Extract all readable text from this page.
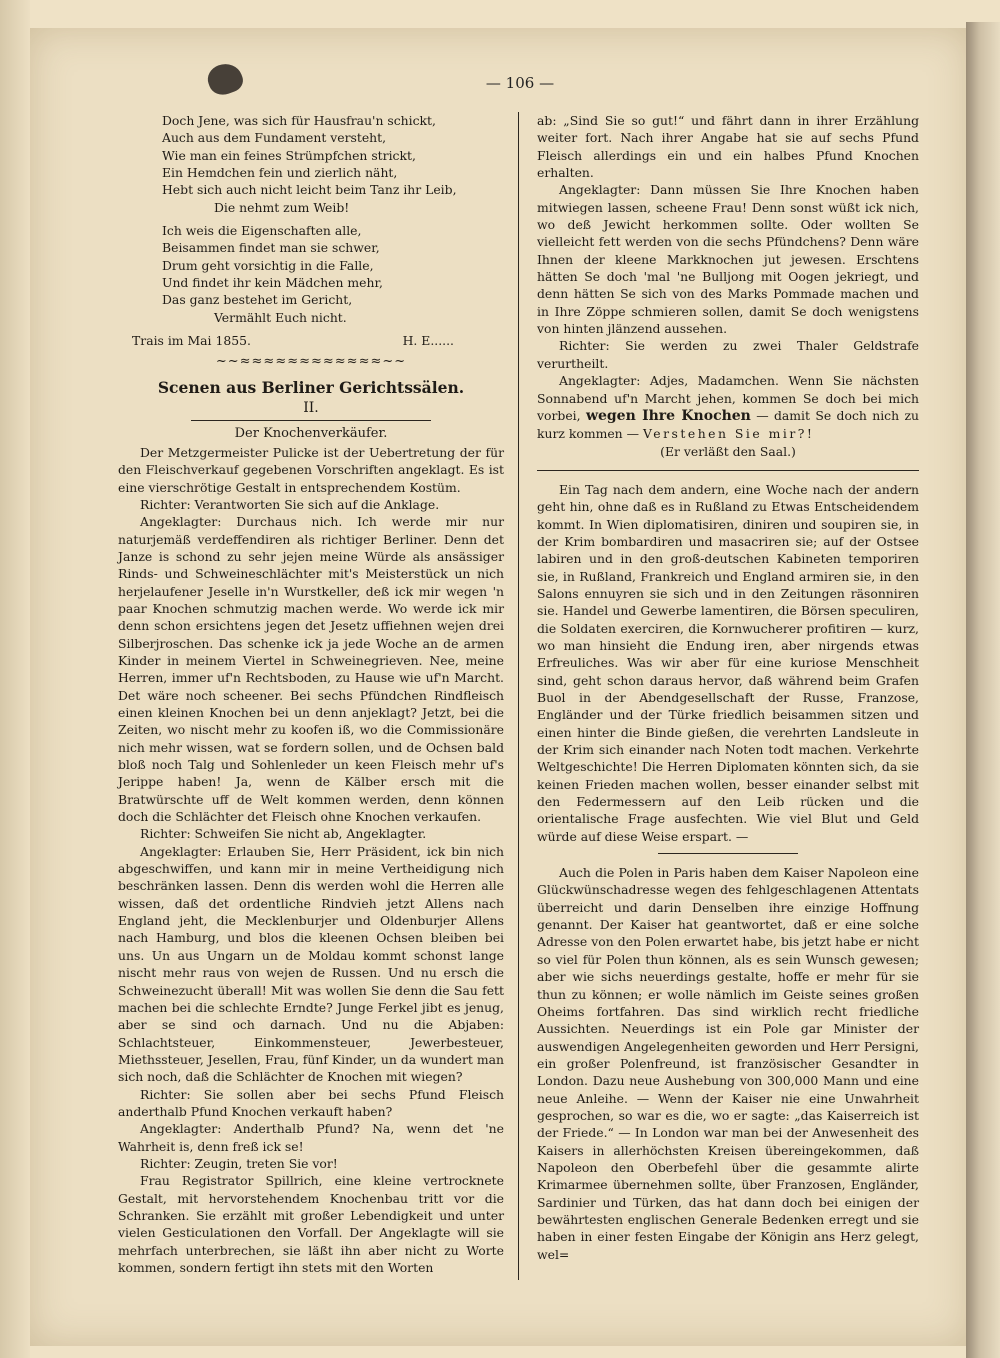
— 106 —
Doch Jene, was sich für Hausfrau'n schickt,
Auch aus dem Fundament versteht,
Wie man ein feines Strümpfchen strickt,
Ein Hemdchen fein und zierlich näht,
Hebt sich auch nicht leicht beim Tanz ihr Leib,
Die nehmt zum Weib!
Ich weis die Eigenschaften alle,
Beisammen findet man sie schwer,
Drum geht vorsichtig in die Falle,
Und findet ihr kein Mädchen mehr,
Das ganz bestehet im Gericht,
Vermählt Euch nicht.
Trais im Mai 1855.	H. E......
~~≈≈≈≈≈≈≈≈≈≈≈≈~~
Scenen aus Berliner Gerichtssälen.
II.
Der Knochenverkäufer.

Der Metzgermeister Pulicke ist der Uebertretung der für den Fleischverkauf gegebenen Vorschriften angeklagt. Es ist eine vierschrötige Gestalt in entsprechendem Kostüm.

Richter: Verantworten Sie sich auf die Anklage.

Angeklagter: Durchaus nich. Ich werde mir nur naturjemäß verdeffendiren als richtiger Berliner. Denn det Janze is schond zu sehr jejen meine Würde als ansässiger Rinds- und Schweineschlächter mit's Meisterstück un nich herjelaufener Jeselle in'n Wurstkeller, deß ick mir wegen 'n paar Knochen schmutzig machen werde. Wo werde ick mir denn schon ersichtens jegen det Jesetz uffiehnen wejen drei Silberjroschen. Das schenke ick ja jede Woche an de armen Kinder in meinem Viertel in Schweinegrieven. Nee, meine Herren, immer uf'n Rechtsboden, zu Hause wie uf'n Marcht. Det wäre noch scheener. Bei sechs Pfündchen Rindfleisch einen kleinen Knochen bei un denn anjeklagt? Jetzt, bei die Zeiten, wo nischt mehr zu koofen iß, wo die Commissionäre nich mehr wissen, wat se fordern sollen, und de Ochsen bald bloß noch Talg und Sohlenleder un keen Fleisch mehr uf's Jerippe haben! Ja, wenn de Kälber ersch mit die Bratwürschte uff de Welt kommen werden, denn können doch die Schlächter det Fleisch ohne Knochen verkaufen.

Richter: Schweifen Sie nicht ab, Angeklagter.

Angeklagter: Erlauben Sie, Herr Präsident, ick bin nich abgeschwiffen, und kann mir in meine Vertheidigung nich beschränken lassen. Denn dis werden wohl die Herren alle wissen, daß det ordentliche Rindvieh jetzt Allens nach England jeht, die Mecklenburjer und Oldenburjer Allens nach Hamburg, und blos die kleenen Ochsen bleiben bei uns. Un aus Ungarn un de Moldau kommt schonst lange nischt mehr raus von wejen de Russen. Und nu ersch die Schweinezucht überall! Mit was wollen Sie denn die Sau fett machen bei die schlechte Erndte? Junge Ferkel jibt es jenug, aber se sind och darnach. Und nu die Abjaben: Schlachtsteuer, Einkommensteuer, Jewerbesteuer, Miethssteuer, Jesellen, Frau, fünf Kinder, un da wundert man sich noch, daß die Schlächter de Knochen mit wiegen?

Richter: Sie sollen aber bei sechs Pfund Fleisch anderthalb Pfund Knochen verkauft haben?

Angeklagter: Anderthalb Pfund? Na, wenn det 'ne Wahrheit is, denn freß ick se!

Richter: Zeugin, treten Sie vor!

Frau Registrator Spillrich, eine kleine vertrocknete Gestalt, mit hervorstehendem Knochenbau tritt vor die Schranken. Sie erzählt mit großer Lebendigkeit und unter vielen Gesticulationen den Vorfall. Der Angeklagte will sie mehrfach unterbrechen, sie läßt ihn aber nicht zu Worte kommen, sondern fertigt ihn stets mit den Worten

ab: „Sind Sie so gut!“ und fährt dann in ihrer Erzählung weiter fort. Nach ihrer Angabe hat sie auf sechs Pfund Fleisch allerdings ein und ein halbes Pfund Knochen erhalten.

Angeklagter: Dann müssen Sie Ihre Knochen haben mitwiegen lassen, scheene Frau! Denn sonst wüßt ick nich, wo deß Jewicht herkommen sollte. Oder wollten Se vielleicht fett werden von die sechs Pfündchens? Denn wäre Ihnen der kleene Markknochen jut jewesen. Erschtens hätten Se doch 'mal 'ne Bulljong mit Oogen jekriegt, und denn hätten Se sich von des Marks Pommade machen und in Ihre Zöppe schmieren sollen, damit Se doch wenigstens von hinten jlänzend aussehen.

Richter: Sie werden zu zwei Thaler Geldstrafe verurtheilt.

Angeklagter: Adjes, Madamchen. Wenn Sie nächsten Sonnabend uf'n Marcht jehen, kommen Se doch bei mich vorbei, wegen Ihre Knochen — damit Se doch nich zu kurz kommen — Verstehen Sie mir?!

(Er verläßt den Saal.)

Ein Tag nach dem andern, eine Woche nach der andern geht hin, ohne daß es in Rußland zu Etwas Entscheidendem kommt. In Wien diplomatisiren, diniren und soupiren sie, in der Krim bombardiren und masacriren sie; auf der Ostsee labiren und in den groß-deutschen Kabineten temporiren sie, in Rußland, Frankreich und England armiren sie, in den Salons ennuyren sie sich und in den Zeitungen räsonniren sie. Handel und Gewerbe lamentiren, die Börsen speculiren, die Soldaten exerciren, die Kornwucherer profitiren — kurz, wo man hinsieht die Endung iren, aber nirgends etwas Erfreuliches. Was wir aber für eine kuriose Menschheit sind, geht schon daraus hervor, daß während beim Grafen Buol in der Abendgesellschaft der Russe, Franzose, Engländer und der Türke friedlich beisammen sitzen und einen hinter die Binde gießen, die verehrten Landsleute in der Krim sich einander nach Noten todt machen. Verkehrte Weltgeschichte! Die Herren Diplomaten könnten sich, da sie keinen Frieden machen wollen, besser einander selbst mit den Federmessern auf den Leib rücken und die orientalische Frage ausfechten. Wie viel Blut und Geld würde auf diese Weise erspart. —

Auch die Polen in Paris haben dem Kaiser Napoleon eine Glückwünschadresse wegen des fehlgeschlagenen Attentats überreicht und darin Denselben ihre einzige Hoffnung genannt. Der Kaiser hat geantwortet, daß er eine solche Adresse von den Polen erwartet habe, bis jetzt habe er nicht so viel für Polen thun können, als es sein Wunsch gewesen; aber wie sichs neuerdings gestalte, hoffe er mehr für sie thun zu können; er wolle nämlich im Geiste seines großen Oheims fortfahren. Das sind wirklich recht friedliche Aussichten. Neuerdings ist ein Pole gar Minister der auswendigen Angelegenheiten geworden und Herr Persigni, ein großer Polenfreund, ist französischer Gesandter in London. Dazu neue Aushebung von 300,000 Mann und eine neue Anleihe. — Wenn der Kaiser nie eine Unwahrheit gesprochen, so war es die, wo er sagte: „das Kaiserreich ist der Friede.“ — In London war man bei der Anwesenheit des Kaisers in allerhöchsten Kreisen übereingekommen, daß Napoleon den Oberbefehl über die gesammte alirte Krimarmee übernehmen sollte, über Franzosen, Engländer, Sardinier und Türken, das hat dann doch bei einigen der bewährtesten englischen Generale Bedenken erregt und sie haben in einer festen Eingabe der Königin ans Herz gelegt, wel=
